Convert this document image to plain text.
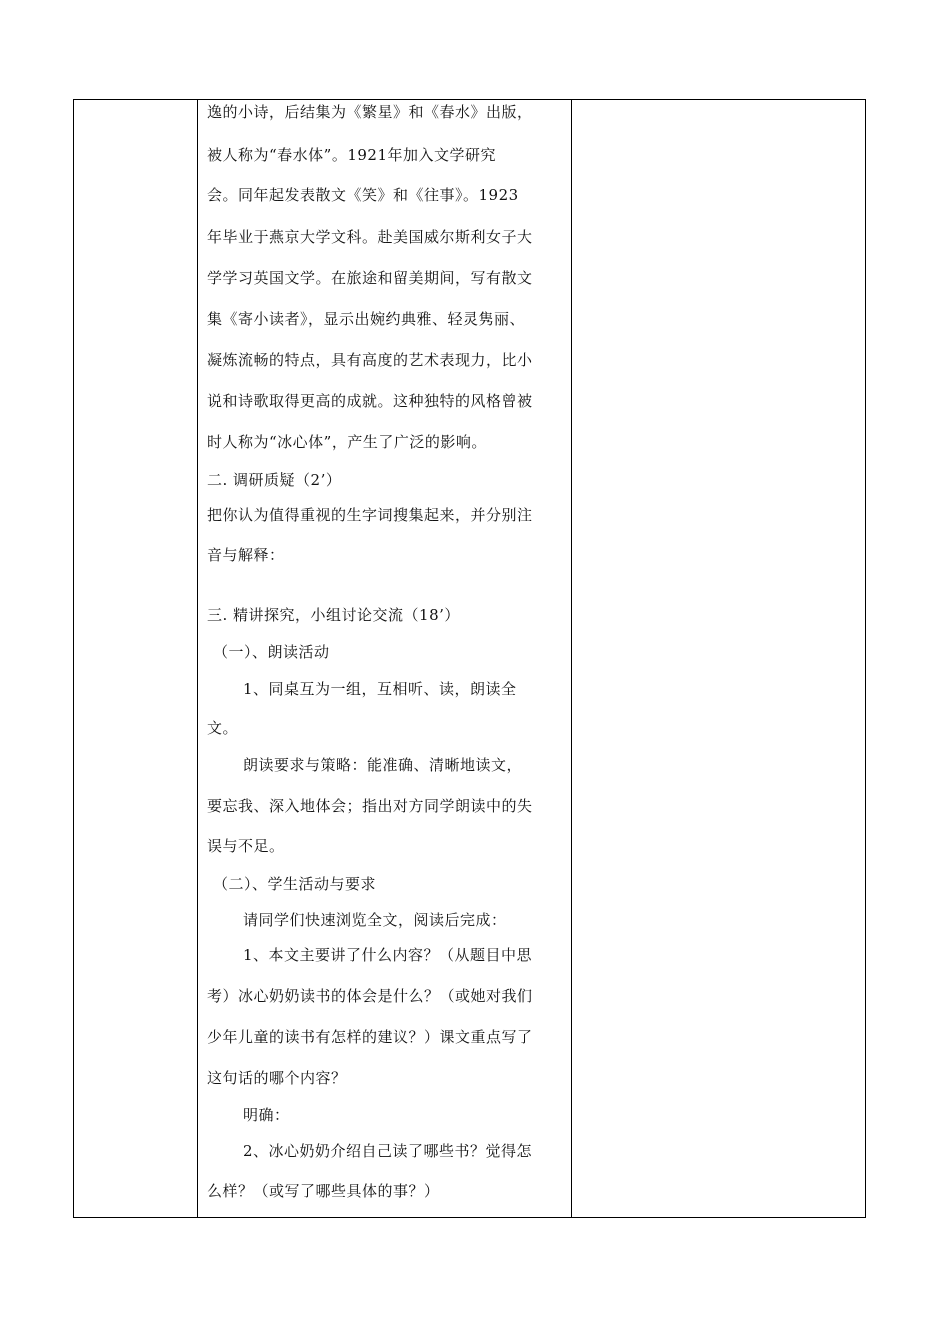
逸的小诗，后结集为《繁星》和《春水》出版，
被人称为“春水体”。1921年加入文学研究
会。同年起发表散文《笑》和《往事》。1923
年毕业于燕京大学文科。赴美国威尔斯利女子大
学学习英国文学。在旅途和留美期间，写有散文
集《寄小读者》，显示出婉约典雅、轻灵隽丽、
凝炼流畅的特点，具有高度的艺术表现力，比小
说和诗歌取得更高的成就。这种独特的风格曾被
时人称为“冰心体”，产生了广泛的影响。
二. 调研质疑（2’）
把你认为值得重视的生字词搜集起来，并分别注
音与解释：
三. 精讲探究，小组讨论交流（18’）
（一）、朗读活动
1、同桌互为一组，互相听、读，朗读全
文。
朗读要求与策略：能准确、清晰地读文，
要忘我、深入地体会；指出对方同学朗读中的失
误与不足。
（二）、学生活动与要求
请同学们快速浏览全文，阅读后完成：
1、本文主要讲了什么内容？（从题目中思
考）冰心奶奶读书的体会是什么？（或她对我们
少年儿童的读书有怎样的建议？）课文重点写了
这句话的哪个内容？
明确：
2、冰心奶奶介绍自己读了哪些书？觉得怎
么样？（或写了哪些具体的事？）
